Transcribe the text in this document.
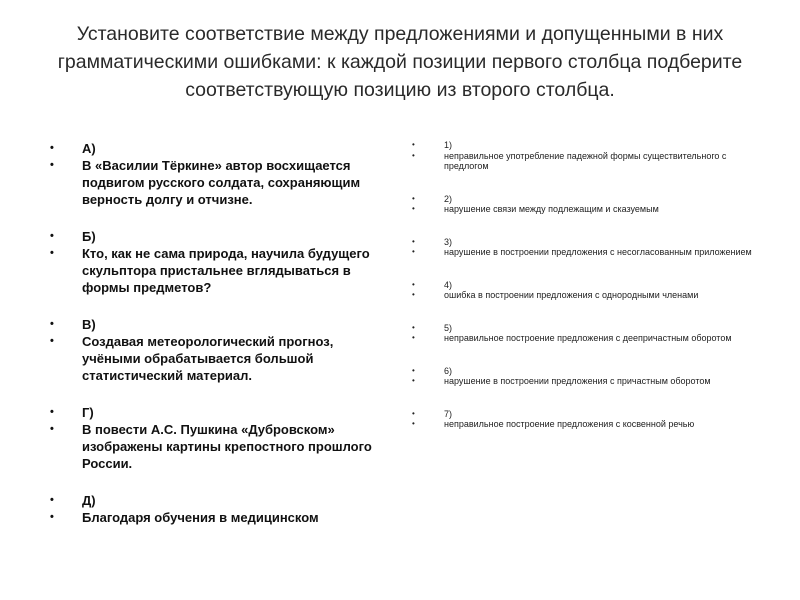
Установите соответствие между предложениями и допущенными в них грамматическими ошибками: к каждой позиции первого столбца подберите соответствующую позицию из второго столбца.
•	А)
•	В «Василии Тёркине» автор восхищается подвигом русского солдата, сохраняющим верность долгу и отчизне.
•	Б)
•	Кто, как не сама природа, научила будущего скульптора пристальнее вглядываться в формы предметов?
•	В)
•	Создавая метеорологический прогноз, учёными обрабатывается большой статистический материал.
•	Г)
•	В повести А.С. Пушкина «Дубровском» изображены картины крепостного прошлого России.
•	Д)
•	Благодаря обучения в медицинском
•	1)
•	неправильное употребление падежной формы существительного с предлогом
•	2)
•	нарушение связи между подлежащим и сказуемым
•	3)
•	нарушение в построении предложения с несогласованным приложением
•	4)
•	ошибка в построении предложения с однородными членами
•	5)
•	неправильное построение предложения с деепричастным оборотом
•	6)
•	нарушение в построении предложения с причастным оборотом
•	7)
•	неправильное построение предложения с косвенной речью
